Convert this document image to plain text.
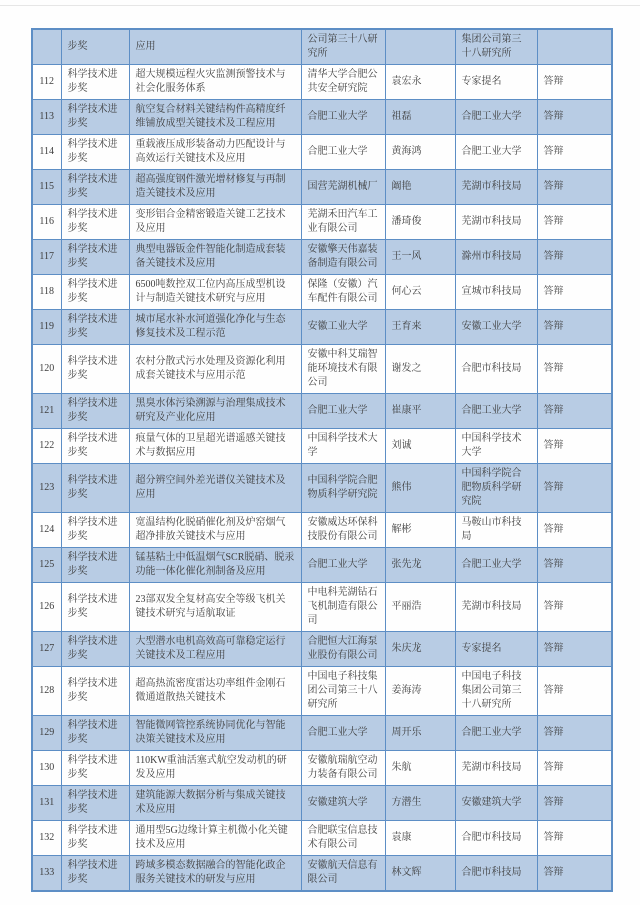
	步奖	应用	公司第三十八研究所		集团公司第三十八研究所	
112	科学技术进步奖	超大规模远程火灾监测预警技术与社会化服务体系	清华大学合肥公共安全研究院	袁宏永	专家提名	答辩
113	科学技术进步奖	航空复合材料关键结构件高精度纤维铺放成型关键技术及工程应用	合肥工业大学	祖磊	合肥工业大学	答辩
114	科学技术进步奖	重载液压成形装备动力匹配设计与高效运行关键技术及应用	合肥工业大学	黄海鸿	合肥工业大学	答辩
115	科学技术进步奖	超高强度钢件激光增材修复与再制造关键技术及应用	国营芜湖机械厂	阚艳	芜湖市科技局	答辩
116	科学技术进步奖	变形铝合金精密锻造关键工艺技术及应用	芜湖禾田汽车工业有限公司	潘琦俊	芜湖市科技局	答辩
117	科学技术进步奖	典型电器钣金件智能化制造成套装备关键技术及应用	安徽擎天伟嘉装备制造有限公司	王一风	滁州市科技局	答辩
118	科学技术进步奖	6500吨数控双工位内高压成型机设计与制造关键技术研究与应用	保隆（安徽）汽车配件有限公司	何心云	宣城市科技局	答辩
119	科学技术进步奖	城市尾水补水河道强化净化与生态修复技术及工程示范	安徽工业大学	王育来	安徽工业大学	答辩
120	科学技术进步奖	农村分散式污水处理及资源化利用成套关键技术与应用示范	安徽中科艾瑞智能环境技术有限公司	谢发之	合肥市科技局	答辩
121	科学技术进步奖	黑臭水体污染溯源与治理集成技术研究及产业化应用	合肥工业大学	崔康平	合肥工业大学	答辩
122	科学技术进步奖	痕量气体的卫星超光谱遥感关键技术与数据应用	中国科学技术大学	刘诚	中国科学技术大学	答辩
123	科学技术进步奖	超分辨空间外差光谱仪关键技术及应用	中国科学院合肥物质科学研究院	熊伟	中国科学院合肥物质科学研究院	答辩
124	科学技术进步奖	宽温结构化脱硝催化剂及炉窑烟气超净排放关键技术与应用	安徽威达环保科技股份有限公司	解彬	马鞍山市科技局	答辩
125	科学技术进步奖	锰基粘土中低温烟气SCR脱硝、脱汞功能一体化催化剂制备及应用	合肥工业大学	张先龙	合肥工业大学	答辩
126	科学技术进步奖	23部双发全复材高安全等级飞机关键技术研究与适航取证	中电科芜湖钻石飞机制造有限公司	平丽浩	芜湖市科技局	答辩
127	科学技术进步奖	大型潜水电机高效高可靠稳定运行关键技术及工程应用	合肥恒大江海泵业股份有限公司	朱庆龙	专家提名	答辩
128	科学技术进步奖	超高热流密度雷达功率组件金刚石微通道散热关键技术	中国电子科技集团公司第三十八研究所	姜海涛	中国电子科技集团公司第三十八研究所	答辩
129	科学技术进步奖	智能微网管控系统协同优化与智能决策关键技术及应用	合肥工业大学	周开乐	合肥工业大学	答辩
130	科学技术进步奖	110KW重油活塞式航空发动机的研发及应用	安徽航瑞航空动力装备有限公司	朱航	芜湖市科技局	答辩
131	科学技术进步奖	建筑能源大数据分析与集成关键技术及应用	安徽建筑大学	方潜生	安徽建筑大学	答辩
132	科学技术进步奖	通用型5G边缘计算主机微小化关键技术及应用	合肥联宝信息技术有限公司	袁康	合肥市科技局	答辩
133	科学技术进步奖	跨域多模态数据融合的智能化政企服务关键技术的研发与应用	安徽航天信息有限公司	林文辉	合肥市科技局	答辩
